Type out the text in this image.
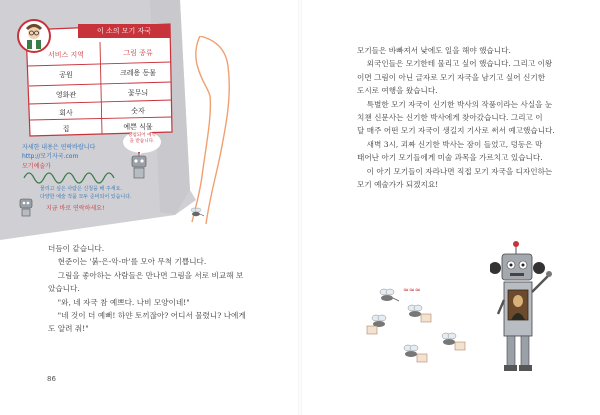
이 소의 모기 자국
서비스 지역	그림 종류
공원	크레용 동물
영화관	꽃무늬
회사	숫자
집	예쁜 식물
자세한 내용은 연락바랍니다
http://모기자국.com
모기예술가
물리고 싶은 사람은 신청을 해 주세요.
다양한 예술 작품 모두 준비되어 있습니다.
지금 바로 연락하세요!
당첨되어 예약을 받습니다.

더듬이 같습니다.

현준이는 '붉-은-악-마'를 모아 무척 기쁩니다.

그림을 좋아하는 사람들은 만나면 그림을 서로 비교해 보

았습니다.

"와, 네 자국 참 예쁘다. 나비 모양이네!"

"네 것이 더 예뻐! 하얀 토끼잖아? 어디서 물렸니? 나에게

도 알려 줘!"

86

모기들은 바빠져서 낮에도 일을 해야 했습니다.

외국인들은 모기한테 물리고 싶어 했습니다. 그리고 이왕

이면 그림이 아닌 글자로 모기 자국을 남기고 싶어 신기한

도시로 여행을 왔습니다.

특별한 모기 자국이 신기한 박사의 작품이라는 사실을 눈

치챈 신문사는 신기한 박사에게 찾아갔습니다. 그리고 이

달 매주 어떤 모기 자국이 생길지 기사로 써서 예고했습니다.

새벽 3시, 괴짜 신기한 박사는 잠이 들었고, 덩동은 막

태어난 아기 모기들에게 미술 과목을 가르치고 있습니다.

이 아기 모기들이 자라나면 직접 모기 자국을 디자인하는

모기 예술가가 되겠지요!

≈≈≈
